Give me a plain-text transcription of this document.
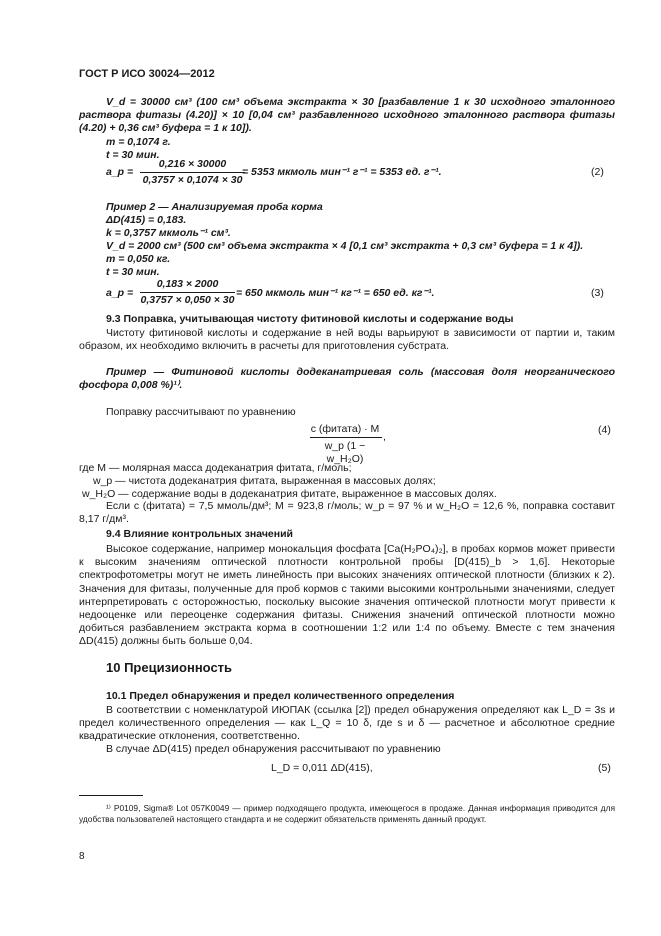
ГОСТ Р ИСО 30024—2012
V_d = 30000 см³ (100 см³ объема экстракта × 30 [разбавление 1 к 30 исходного эталонного раствора фитазы (4.20)] × 10 [0,04 см³ разбавленного исходного эталонного раствора фитазы (4.20) + 0,36 см³ буфера = 1 к 10]).
m = 0,1074 г.
t = 30 мин.
a_p =
0,216 × 30000
0,3757 × 0,1074 × 30
= 5353 мкмоль мин⁻¹ г⁻¹ = 5353 ед. г⁻¹.	(2)
Пример 2 — Анализируемая проба корма
ΔD(415) = 0,183.
k = 0,3757 мкмоль⁻¹ см³.
V_d = 2000 см³ (500 см³ объема экстракта × 4 [0,1 см³ экстракта + 0,3 см³ буфера = 1 к 4]).
m = 0,050 кг.
t = 30 мин.
a_p =
0,183 × 2000
0,3757 × 0,050 × 30
= 650 мкмоль мин⁻¹ кг⁻¹ = 650 ед. кг⁻¹.	(3)
9.3 Поправка, учитывающая чистоту фитиновой кислоты и содержание воды
Чистоту фитиновой кислоты и содержание в ней воды варьируют в зависимости от партии и, таким образом, их необходимо включить в расчеты для приготовления субстрата.
Пример — Фитиновой кислоты додеканатриевая соль (массовая доля неорганического фосфора 0,008 %)¹⁾.
Поправку рассчитывают по уравнению
c (фитата) · M
w_p (1 − w_H₂O)
,
(4)
где M — молярная масса додеканатрия фитата, г/моль;
w_p — чистота додеканатрия фитата, выраженная в массовых долях;
w_H₂O — содержание воды в додеканатрия фитате, выраженное в массовых долях.
Если c (фитата) = 7,5 ммоль/дм³; M = 923,8 г/моль; w_p = 97 % и w_H₂O = 12,6 %, поправка составит 8,17 г/дм³.
9.4 Влияние контрольных значений
Высокое содержание, например монокальция фосфата [Ca(H₂PO₄)₂], в пробах кормов может привести к высоким значениям оптической плотности контрольной пробы [D(415)_b > 1,6]. Некоторые спектрофотометры могут не иметь линейность при высоких значениях оптической плотности (близких к 2). Значения для фитазы, полученные для проб кормов с такими высокими контрольными значениями, следует интерпретировать с осторожностью, поскольку высокие значения оптической плотности могут привести к недооценке или переоценке содержания фитазы. Снижения значений оптической плотности можно добиться разбавлением экстракта корма в соотношении 1:2 или 1:4 по объему. Вместе с тем значения ΔD(415) должны быть больше 0,04.
10 Прецизионность
10.1 Предел обнаружения и предел количественного определения
В соответствии с номенклатурой ИЮПАК (ссылка [2]) предел обнаружения определяют как L_D = 3s и предел количественного определения — как L_Q = 10 δ, где s и δ — расчетное и абсолютное средние квадратические отклонения, соответственно.
В случае ΔD(415) предел обнаружения рассчитывают по уравнению
L_D = 0,011 ΔD(415),	(5)
¹⁾ P0109, Sigma® Lot 057K0049 — пример подходящего продукта, имеющегося в продаже. Данная информация приводится для удобства пользователей настоящего стандарта и не содержит обязательств применять данный продукт.
8
